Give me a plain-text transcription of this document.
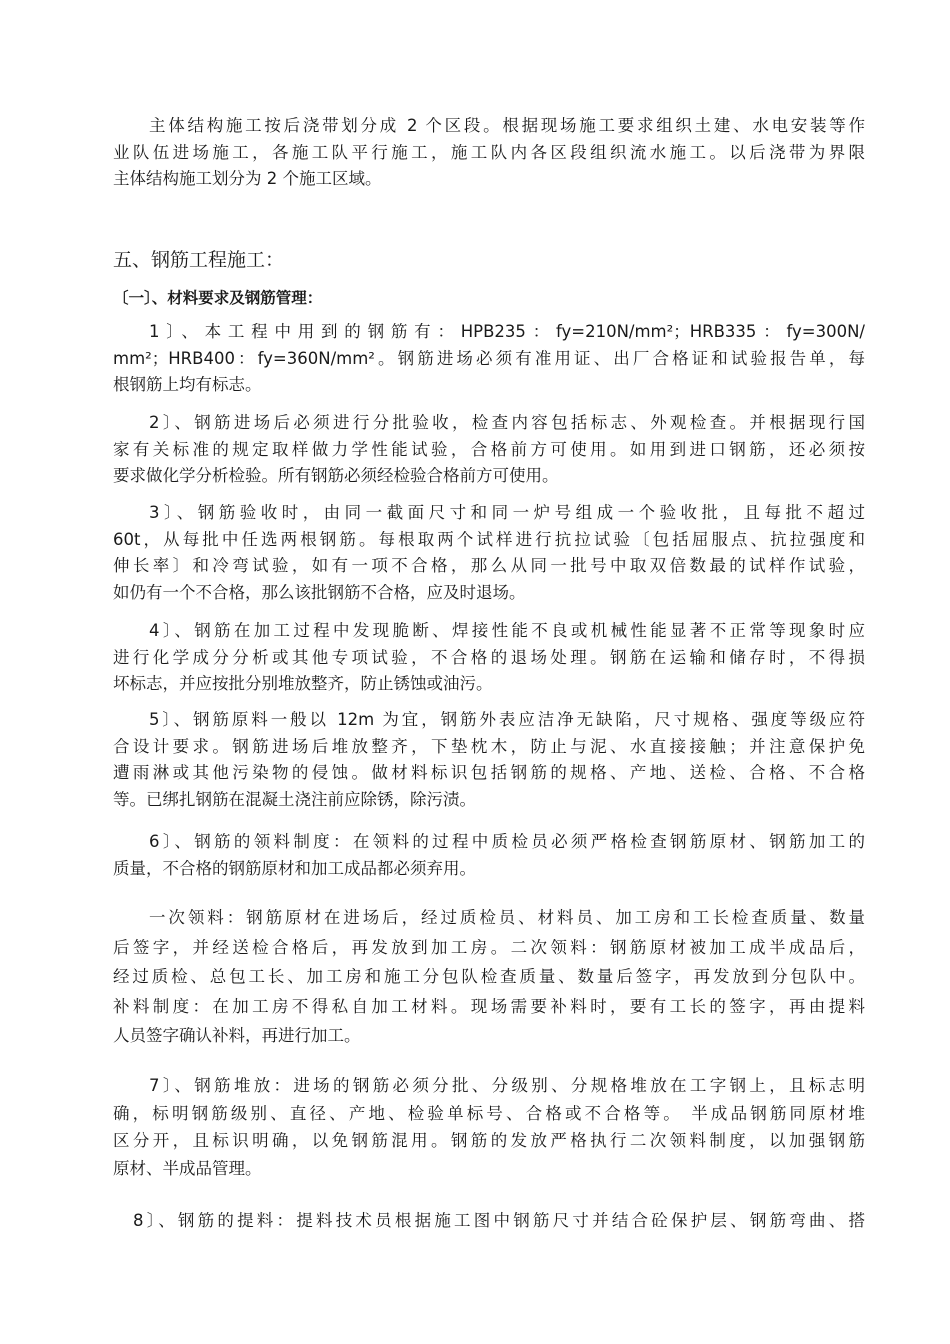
主体结构施工按后浇带划分成 2 个区段。根据现场施工要求组织土建、水电安装等作
业队伍进场施工，各施工队平行施工，施工队内各区段组织流水施工。以后浇带为界限
主体结构施工划分为 2 个施工区域。
五、钢筋工程施工：
〔一〕、材料要求及钢筋管理：
1〕、本工程中用到的钢筋有：HPB235：fy=210N/mm²；HRB335：fy=300N/
mm²；HRB400：fy=360N/mm²。钢筋进场必须有准用证、出厂合格证和试验报告单，每
根钢筋上均有标志。
2〕、钢筋进场后必须进行分批验收，检查内容包括标志、外观检查。并根据现行国
家有关标准的规定取样做力学性能试验，合格前方可使用。如用到进口钢筋，还必须按
要求做化学分析检验。所有钢筋必须经检验合格前方可使用。
3〕、钢筋验收时，由同一截面尺寸和同一炉号组成一个验收批，且每批不超过
60t，从每批中任选两根钢筋。每根取两个试样进行抗拉试验〔包括屈服点、抗拉强度和
伸长率〕和冷弯试验，如有一项不合格，那么从同一批号中取双倍数最的试样作试验，
如仍有一个不合格，那么该批钢筋不合格，应及时退场。
4〕、钢筋在加工过程中发现脆断、焊接性能不良或机械性能显著不正常等现象时应
进行化学成分分析或其他专项试验，不合格的退场处理。钢筋在运输和储存时，不得损
坏标志，并应按批分别堆放整齐，防止锈蚀或油污。
5〕、钢筋原料一般以 12m 为宜，钢筋外表应洁净无缺陷，尺寸规格、强度等级应符
合设计要求。钢筋进场后堆放整齐，下垫枕木，防止与泥、水直接接触；并注意保护免
遭雨淋或其他污染物的侵蚀。做材料标识包括钢筋的规格、产地、送检、合格、不合格
等。已绑扎钢筋在混凝土浇注前应除锈，除污渍。
6〕、钢筋的领料制度：在领料的过程中质检员必须严格检查钢筋原材、钢筋加工的
质量，不合格的钢筋原材和加工成品都必须弃用。
一次领料：钢筋原材在进场后，经过质检员、材料员、加工房和工长检查质量、数量
后签字，并经送检合格后，再发放到加工房。二次领料：钢筋原材被加工成半成品后，
经过质检、总包工长、加工房和施工分包队检查质量、数量后签字，再发放到分包队中。
补料制度：在加工房不得私自加工材料。现场需要补料时，要有工长的签字，再由提料
人员签字确认补料，再进行加工。
7〕、钢筋堆放：进场的钢筋必须分批、分级别、分规格堆放在工字钢上，且标志明
确，标明钢筋级别、直径、产地、检验单标号、合格或不合格等。 半成品钢筋同原材堆
区分开，且标识明确，以免钢筋混用。钢筋的发放严格执行二次领料制度，以加强钢筋
原材、半成品管理。
8〕、钢筋的提料：提料技术员根据施工图中钢筋尺寸并结合砼保护层、钢筋弯曲、搭
